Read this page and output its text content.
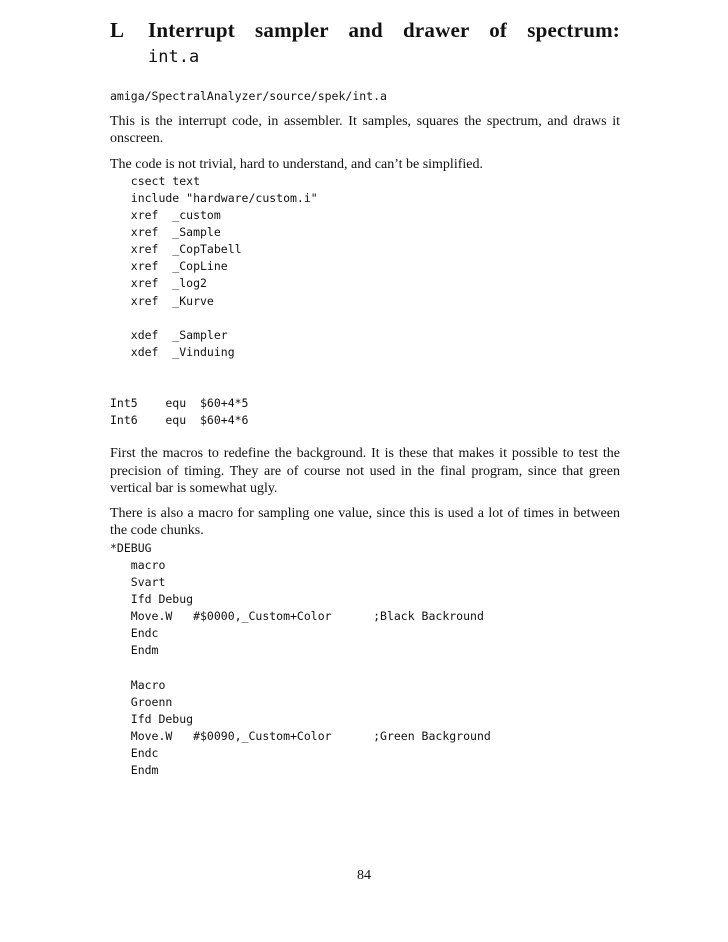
L	Interrupt sampler and drawer of spectrum:
int.a
amiga/SpectralAnalyzer/source/spek/int.a

This is the interrupt code, in assembler. It samples, squares the spectrum, and draws it onscreen.

The code is not trivial, hard to understand, and can’t be simplified.

csect text
include "hardware/custom.i"
xref  _custom
xref  _Sample
xref  _CopTabell
xref  _CopLine
xref  _log2
xref  _Kurve

xdef  _Sampler
xdef  _Vinduing

Int5    equ  $60+4*5
Int6    equ  $60+4*6

First the macros to redefine the background. It is these that makes it possible to test the precision of timing. They are of course not used in the final program, since that green vertical bar is somewhat ugly.

There is also a macro for sampling one value, since this is used a lot of times in between the code chunks.

*DEBUG
macro
Svart
Ifd Debug
Move.W   #$0000,_Custom+Color      ;Black Backround
Endc
Endm

Macro
Groenn
Ifd Debug
Move.W   #$0090,_Custom+Color      ;Green Background
Endc
Endm
84
